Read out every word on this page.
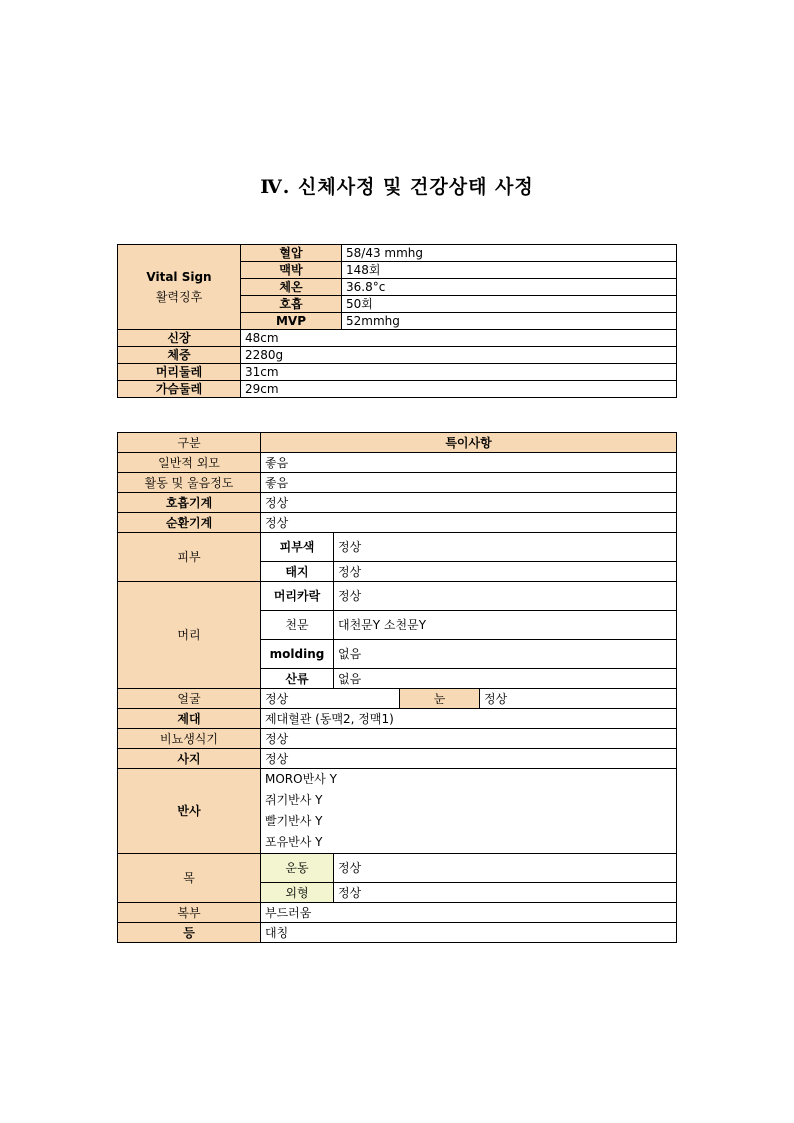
Ⅳ. 신체사정 및 건강상태 사정
Vital Sign
활력징후	혈압	58/43 mmhg
	맥박	148회
	체온	36.8°c
	호흡	50회
	MVP	52mmhg
신장	48cm	
체중	2280g	
머리둘레	31cm	
가슴둘레	29cm	
구분	특이사항			
일반적 외모	좋음			
활동 및 울음정도	좋음			
호흡기계	정상			
순환기계	정상			
피부	피부색	정상		
	태지	정상		
머리	머리카락	정상		
	천문	대천문Y 소천문Y		
	molding	없음		
	산류	없음		
얼굴	정상		눈	정상
제대	제대혈관 (동맥2, 정맥1)			
비뇨생식기	정상			
사지	정상			
반사	MORO반사 Y
쥐기반사 Y
빨기반사 Y
포유반사 Y			

목	운동	정상		
	외형	정상		
복부	부드러움			
등	대칭			
